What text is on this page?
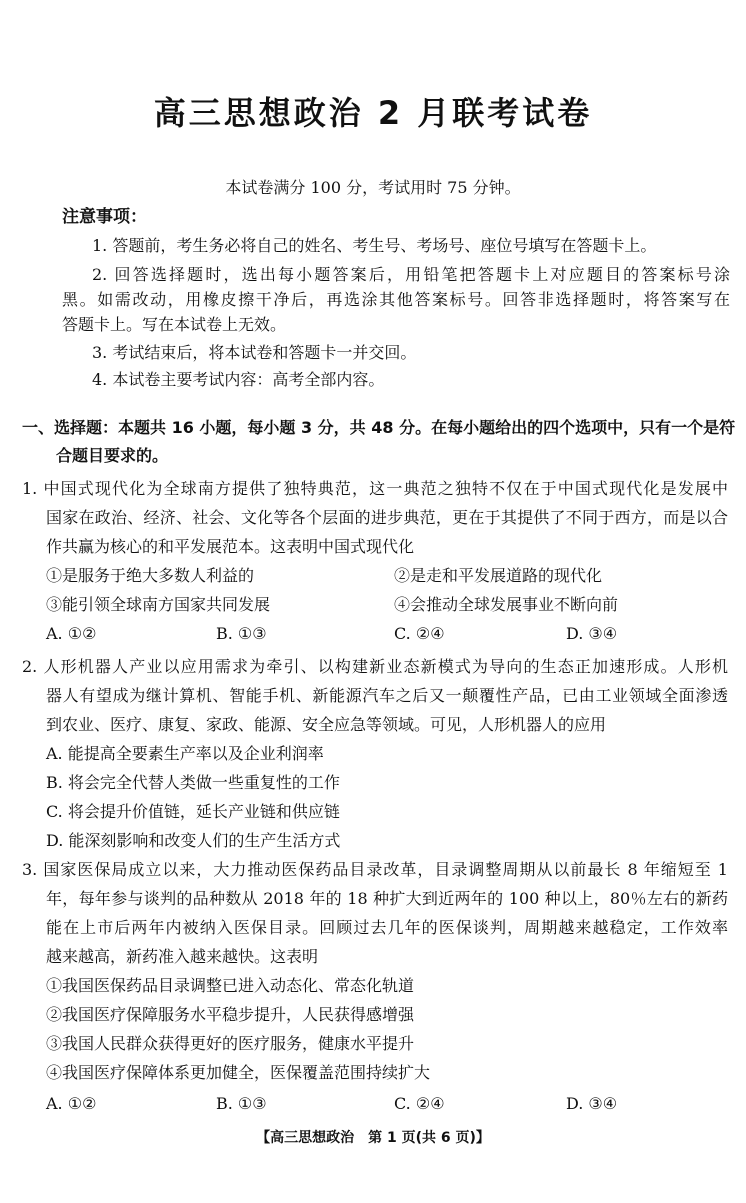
高三思想政治 2 月联考试卷
本试卷满分 100 分，考试用时 75 分钟。
注意事项：
1. 答题前，考生务必将自己的姓名、考生号、考场号、座位号填写在答题卡上。
2. 回答选择题时，选出每小题答案后，用铅笔把答题卡上对应题目的答案标号涂
黑。如需改动，用橡皮擦干净后，再选涂其他答案标号。回答非选择题时，将答案写在
答题卡上。写在本试卷上无效。
3. 考试结束后，将本试卷和答题卡一并交回。
4. 本试卷主要考试内容：高考全部内容。
一、选择题：本题共 16 小题，每小题 3 分，共 48 分。在每小题给出的四个选项中，只有一个是符
合题目要求的。
1. 中国式现代化为全球南方提供了独特典范，这一典范之独特不仅在于中国式现代化是发展中
国家在政治、经济、社会、文化等各个层面的进步典范，更在于其提供了不同于西方，而是以合
作共赢为核心的和平发展范本。这表明中国式现代化
①是服务于绝大多数人利益的	②是走和平发展道路的现代化
③能引领全球南方国家共同发展	④会推动全球发展事业不断向前
A. ①②	B. ①③	C. ②④	D. ③④
2. 人形机器人产业以应用需求为牵引、以构建新业态新模式为导向的生态正加速形成。人形机
器人有望成为继计算机、智能手机、新能源汽车之后又一颠覆性产品，已由工业领域全面渗透
到农业、医疗、康复、家政、能源、安全应急等领域。可见，人形机器人的应用
A. 能提高全要素生产率以及企业利润率
B. 将会完全代替人类做一些重复性的工作
C. 将会提升价值链，延长产业链和供应链
D. 能深刻影响和改变人们的生产生活方式
3. 国家医保局成立以来，大力推动医保药品目录改革，目录调整周期从以前最长 8 年缩短至 1
年，每年参与谈判的品种数从 2018 年的 18 种扩大到近两年的 100 种以上，80％左右的新药
能在上市后两年内被纳入医保目录。回顾过去几年的医保谈判，周期越来越稳定，工作效率
越来越高，新药准入越来越快。这表明
①我国医保药品目录调整已进入动态化、常态化轨道
②我国医疗保障服务水平稳步提升，人民获得感增强
③我国人民群众获得更好的医疗服务，健康水平提升
④我国医疗保障体系更加健全，医保覆盖范围持续扩大
A. ①②	B. ①③	C. ②④	D. ③④
【高三思想政治　第 1 页(共 6 页)】
